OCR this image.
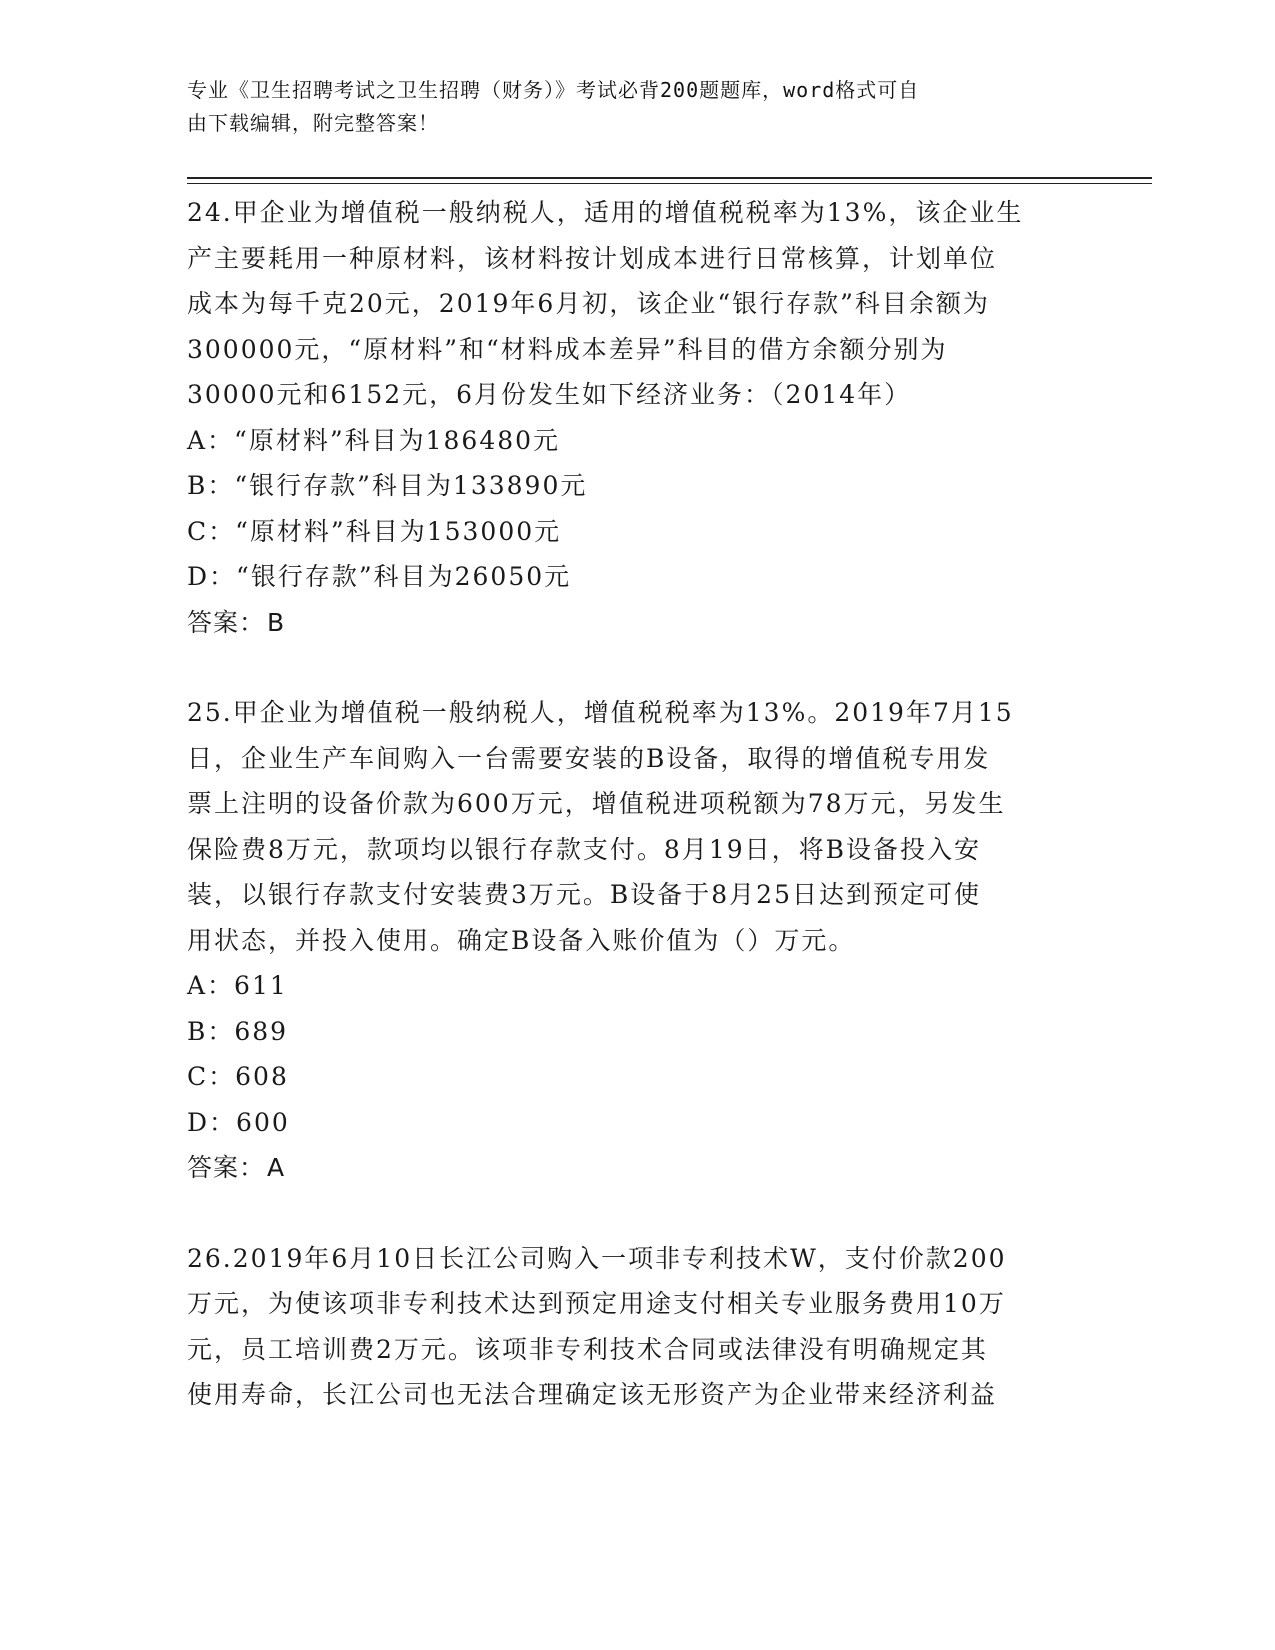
专业《卫生招聘考试之卫生招聘（财务）》考试必背200题题库，word格式可自
由下载编辑，附完整答案！
24.甲企业为增值税一般纳税人，适用的增值税税率为13%，该企业生
产主要耗用一种原材料，该材料按计划成本进行日常核算，计划单位
成本为每千克20元，2019年6月初，该企业“银行存款”科目余额为
300000元，“原材料”和“材料成本差异”科目的借方余额分别为
30000元和6152元，6月份发生如下经济业务：（2014年）
A：“原材料”科目为186480元
B：“银行存款”科目为133890元
C：“原材料”科目为153000元
D：“银行存款”科目为26050元
答案：B
25.甲企业为增值税一般纳税人，增值税税率为13%。2019年7月15
日，企业生产车间购入一台需要安装的B设备，取得的增值税专用发
票上注明的设备价款为600万元，增值税进项税额为78万元，另发生
保险费8万元，款项均以银行存款支付。8月19日，将B设备投入安
装，以银行存款支付安装费3万元。B设备于8月25日达到预定可使
用状态，并投入使用。确定B设备入账价值为（）万元。
A：611
B：689
C：608
D：600
答案：A
26.2019年6月10日长江公司购入一项非专利技术W，支付价款200
万元，为使该项非专利技术达到预定用途支付相关专业服务费用10万
元，员工培训费2万元。该项非专利技术合同或法律没有明确规定其
使用寿命，长江公司也无法合理确定该无形资产为企业带来经济利益
